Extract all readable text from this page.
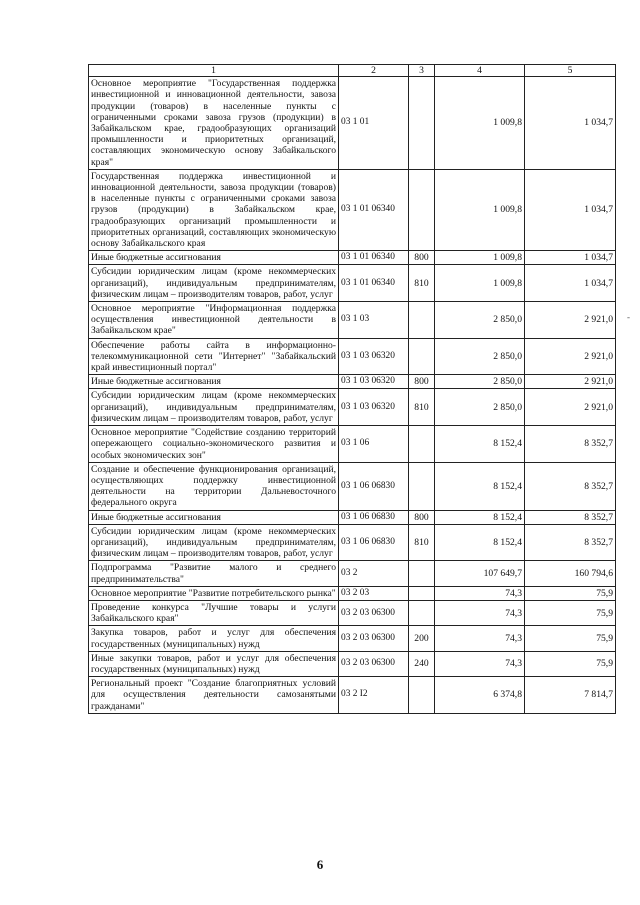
1	2	3	4	5
Основное мероприятие "Государственная поддержка инвестиционной и инновационной деятельности, завоза продукции (товаров) в населенные пункты с ограниченными сроками завоза грузов (продукции) в Забайкальском крае, градообразующих организаций промышленности и приоритетных организаций, составляющих экономическую основу Забайкальского края"	03 1 01		1 009,8	1 034,7
Государственная поддержка инвестиционной и инновационной деятельности, завоза продукции (товаров) в населенные пункты с ограниченными сроками завоза грузов (продукции) в Забайкальском крае, градообразующих организаций промышленности и приоритетных организаций, составляющих экономическую основу Забайкальского края	03 1 01 06340		1 009,8	1 034,7
Иные бюджетные ассигнования	03 1 01 06340	800	1 009,8	1 034,7
Субсидии юридическим лицам (кроме некоммерческих организаций), индивидуальным предпринимателям, физическим лицам – производителям товаров, работ, услуг	03 1 01 06340	810	1 009,8	1 034,7
Основное мероприятие "Информационная поддержка осуществления инвестиционной деятельности в Забайкальском крае"	03 1 03		2 850,0	2 921,0
Обеспечение работы сайта в информационно-телекоммуникационной сети "Интернет" "Забайкальский край инвестиционный портал"	03 1 03 06320		2 850,0	2 921,0
Иные бюджетные ассигнования	03 1 03 06320	800	2 850,0	2 921,0
Субсидии юридическим лицам (кроме некоммерческих организаций), индивидуальным предпринимателям, физическим лицам – производителям товаров, работ, услуг	03 1 03 06320	810	2 850,0	2 921,0
Основное мероприятие "Содействие созданию территорий опережающего социально-экономического развития и особых экономических зон"	03 1 06		8 152,4	8 352,7
Создание и обеспечение функционирования организаций, осуществляющих поддержку инвестиционной деятельности на территории Дальневосточного федерального округа	03 1 06 06830		8 152,4	8 352,7
Иные бюджетные ассигнования	03 1 06 06830	800	8 152,4	8 352,7
Субсидии юридическим лицам (кроме некоммерческих организаций), индивидуальным предпринимателям, физическим лицам – производителям товаров, работ, услуг	03 1 06 06830	810	8 152,4	8 352,7
Подпрограмма "Развитие малого и среднего предпринимательства"	03 2		107 649,7	160 794,6
Основное мероприятие "Развитие потребительского рынка"	03 2 03		74,3	75,9
Проведение конкурса "Лучшие товары и услуги Забайкальского края"	03 2 03 06300		74,3	75,9
Закупка товаров, работ и услуг для обеспечения государственных (муниципальных) нужд	03 2 03 06300	200	74,3	75,9
Иные закупки товаров, работ и услуг для обеспечения государственных (муниципальных) нужд	03 2 03 06300	240	74,3	75,9
Региональный проект "Создание благоприятных условий для осуществления деятельности самозанятыми гражданами"	03 2 I2		6 374,8	7 814,7
-
6
